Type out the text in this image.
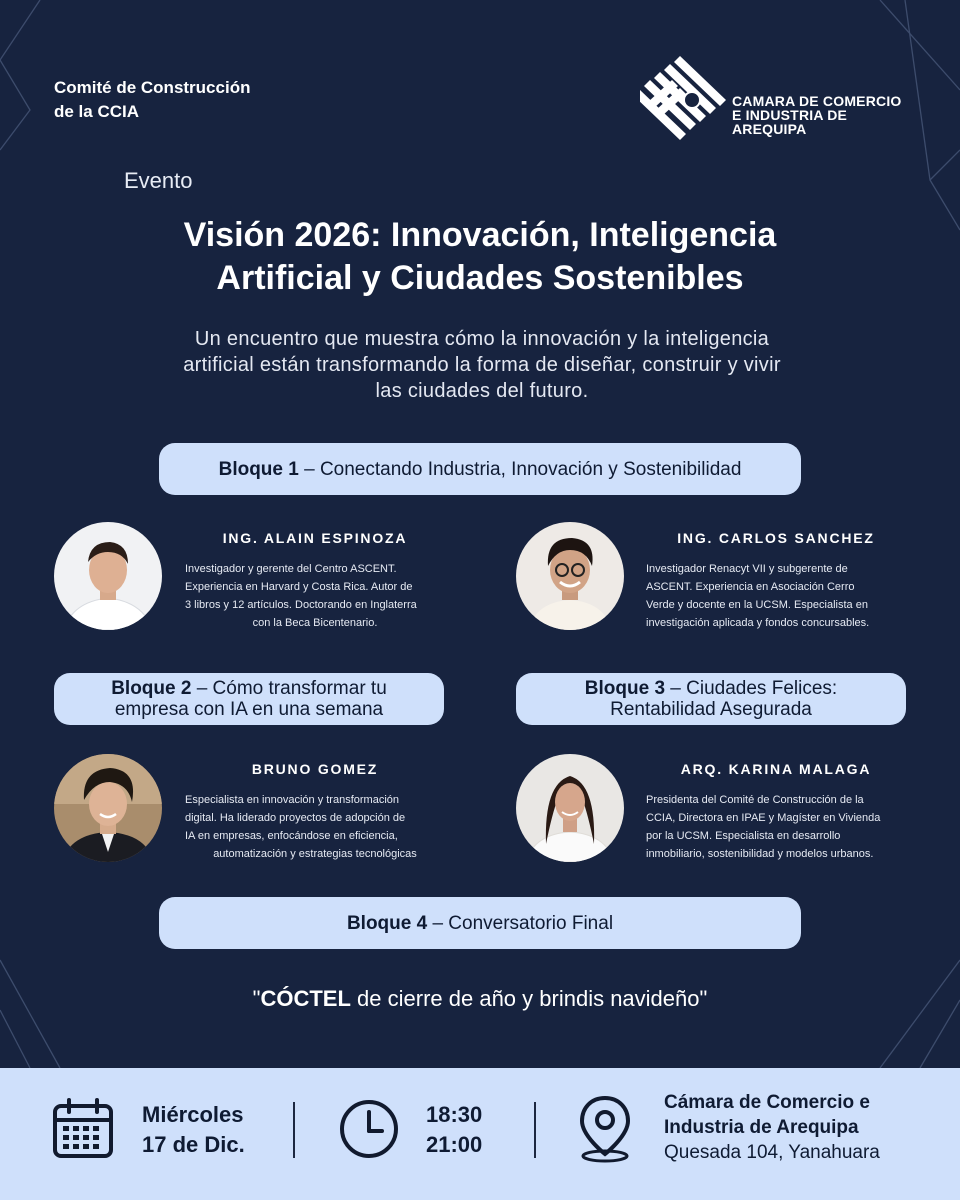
Comité de Construcción
de la CCIA
CAMARA DE COMERCIO
E INDUSTRIA DE
AREQUIPA
Evento
Visión 2026: Innovación, Inteligencia
Artificial y Ciudades Sostenibles
Un encuentro que muestra cómo la innovación y la inteligencia
artificial están transformando la forma de diseñar, construir y vivir
las ciudades del futuro.
Bloque 1 – Conectando Industria, Innovación y Sostenibilidad
ING. ALAIN ESPINOZA
Investigador y gerente del Centro ASCENT.
Experiencia en Harvard y Costa Rica. Autor de
3 libros y 12 artículos. Doctorando en Inglaterra
con la Beca Bicentenario.
ING. CARLOS SANCHEZ
Investigador Renacyt VII y subgerente de
ASCENT. Experiencia en Asociación Cerro
Verde y docente en la UCSM. Especialista en
investigación aplicada y fondos concursables.
Bloque 2 – Cómo transformar tu
empresa con IA en una semana
Bloque 3 – Ciudades Felices:
Rentabilidad Asegurada
BRUNO GOMEZ
Especialista en innovación y transformación
digital. Ha liderado proyectos de adopción de
IA en empresas, enfocándose en eficiencia,
automatización y estrategias tecnológicas
ARQ. KARINA MALAGA
Presidenta del Comité de Construcción de la
CCIA, Directora en IPAE y Magíster en Vivienda
por la UCSM. Especialista en desarrollo
inmobiliario, sostenibilidad y modelos urbanos.
Bloque 4 – Conversatorio Final
"CÓCTEL de cierre de año y brindis navideño"
Miércoles
17 de Dic.
18:30
21:00
Cámara de Comercio e
Industria de Arequipa
Quesada 104, Yanahuara
